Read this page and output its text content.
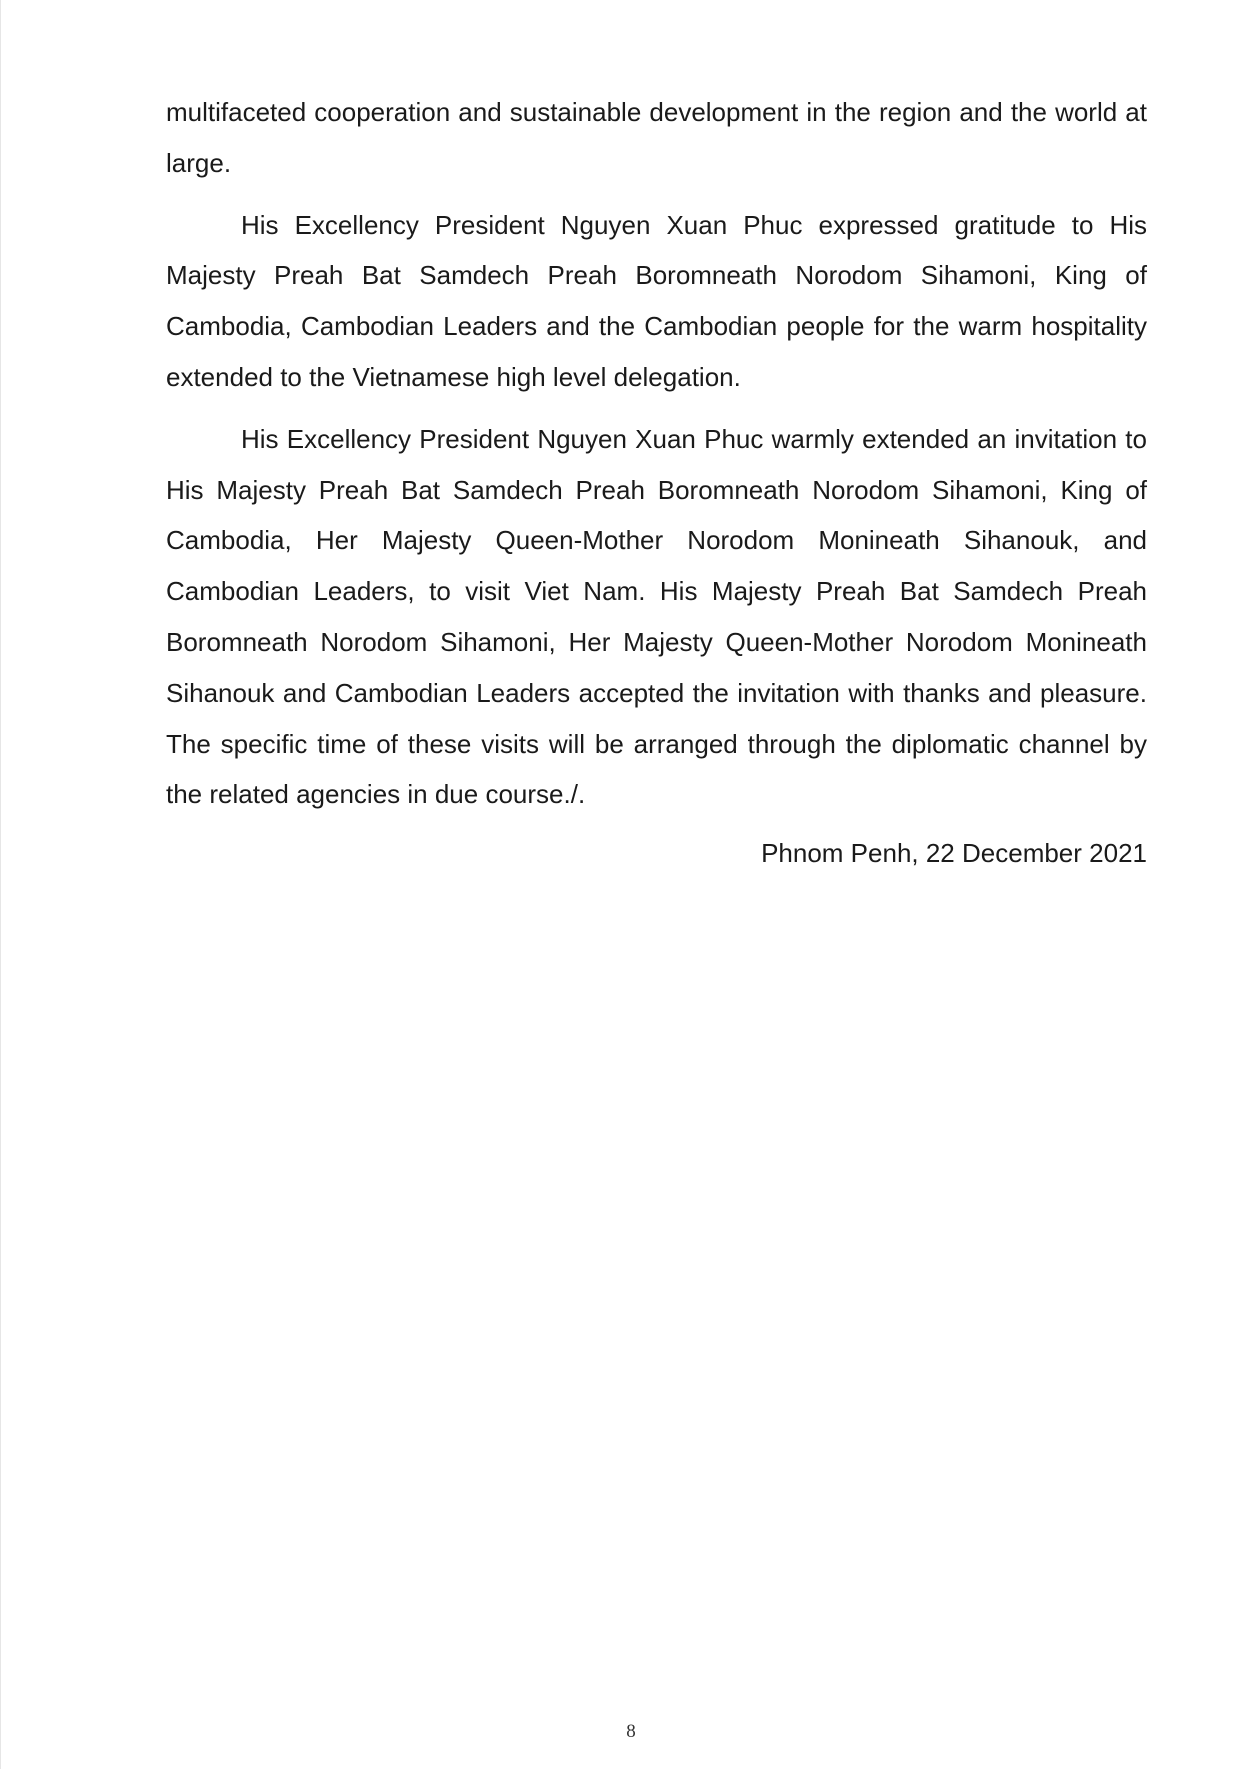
multifaceted cooperation and sustainable development in the region and the world at large.

His Excellency President Nguyen Xuan Phuc expressed gratitude to His Majesty Preah Bat Samdech Preah Boromneath Norodom Sihamoni, King of Cambodia, Cambodian Leaders and the Cambodian people for the warm hospitality extended to the Vietnamese high level delegation.

His Excellency President Nguyen Xuan Phuc warmly extended an invitation to His Majesty Preah Bat Samdech Preah Boromneath Norodom Sihamoni, King of Cambodia, Her Majesty Queen-Mother Norodom Monineath Sihanouk, and Cambodian Leaders, to visit Viet Nam. His Majesty Preah Bat Samdech Preah Boromneath Norodom Sihamoni, Her Majesty Queen-Mother Norodom Monineath Sihanouk and Cambodian Leaders accepted the invitation with thanks and pleasure. The specific time of these visits will be arranged through the diplomatic channel by the related agencies in due course./.

Phnom Penh, 22 December 2021
8
